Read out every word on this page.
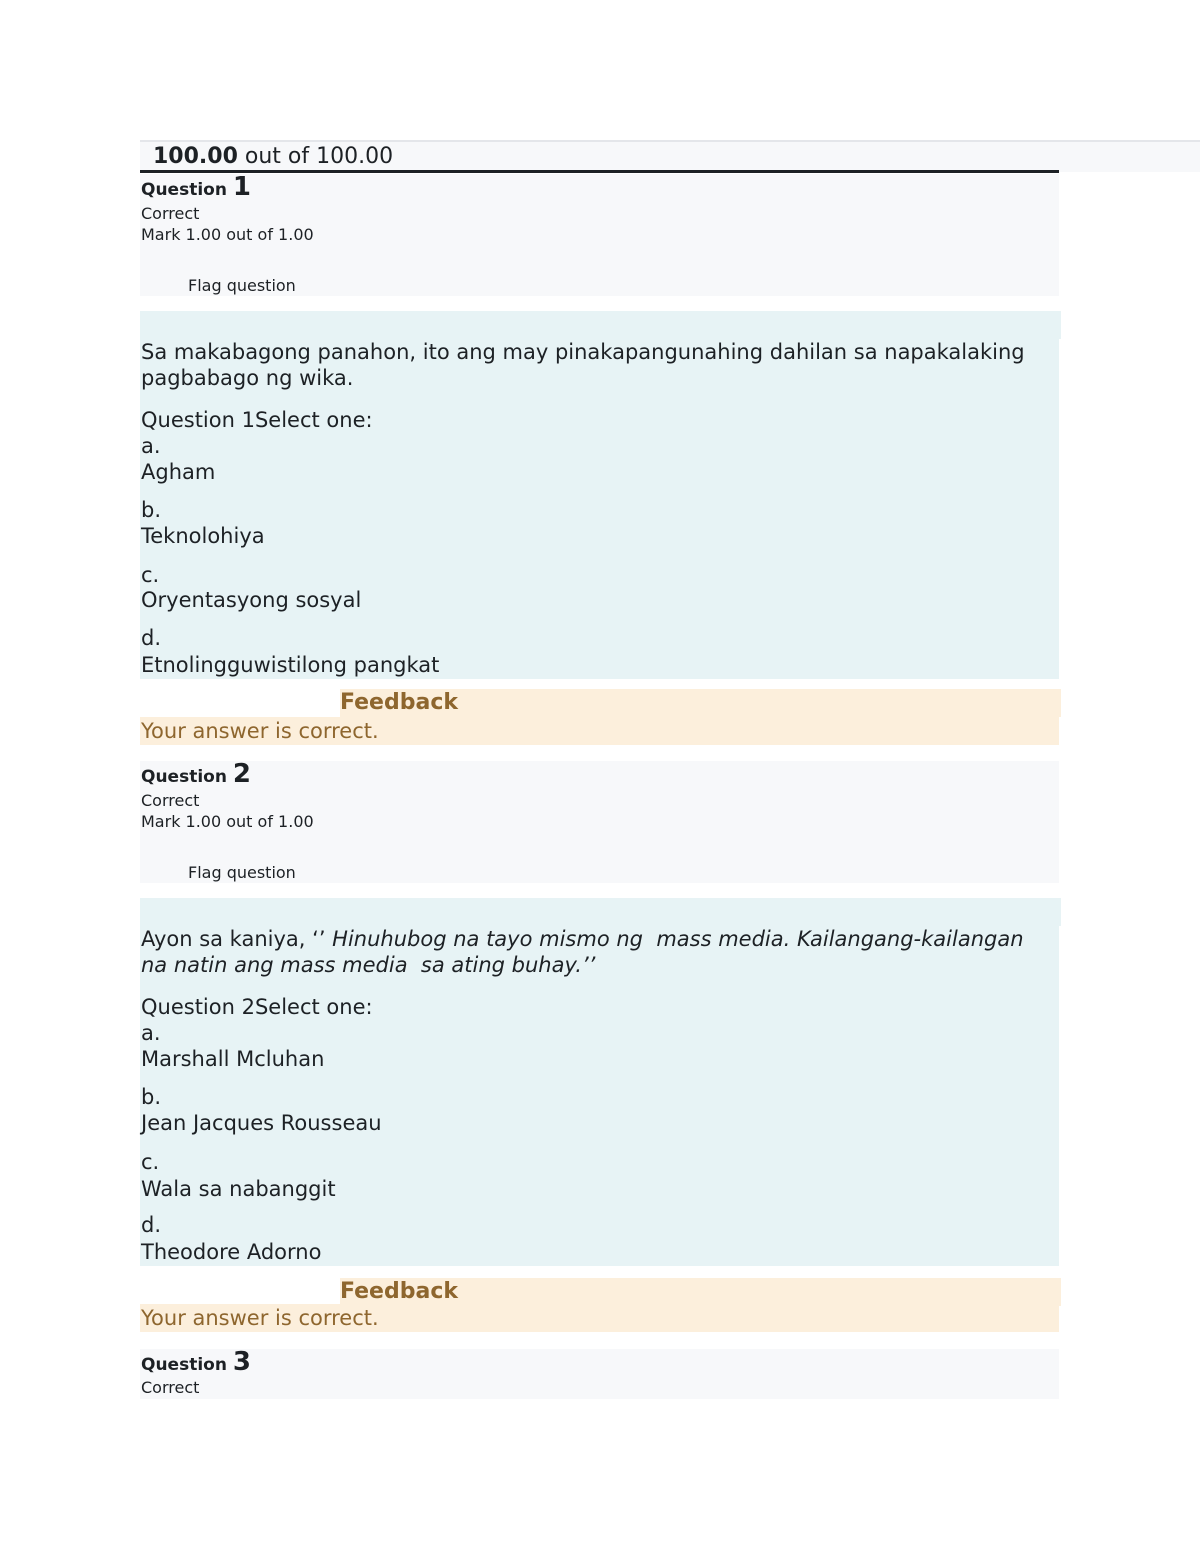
100.00 out of 100.00
Question 1
Correct
Mark 1.00 out of 1.00
Flag question
Sa makabagong panahon, ito ang may pinakapangunahing dahilan sa napakalaking pagbabago ng wika.
Question 1Select one:
a.
Agham
b.
Teknolohiya
c.
Oryentasyong sosyal
d.
Etnolingguwistilong pangkat
Feedback
Your answer is correct.
Question 2
Correct
Mark 1.00 out of 1.00
Flag question
Ayon sa kaniya, ‘’ Hinuhubog na tayo mismo ng  mass media. Kailangang-kailangan na natin ang mass media  sa ating buhay.’’
Question 2Select one:
a.
Marshall Mcluhan
b.
Jean Jacques Rousseau
c.
Wala sa nabanggit
d.
Theodore Adorno
Feedback
Your answer is correct.
Question 3
Correct
